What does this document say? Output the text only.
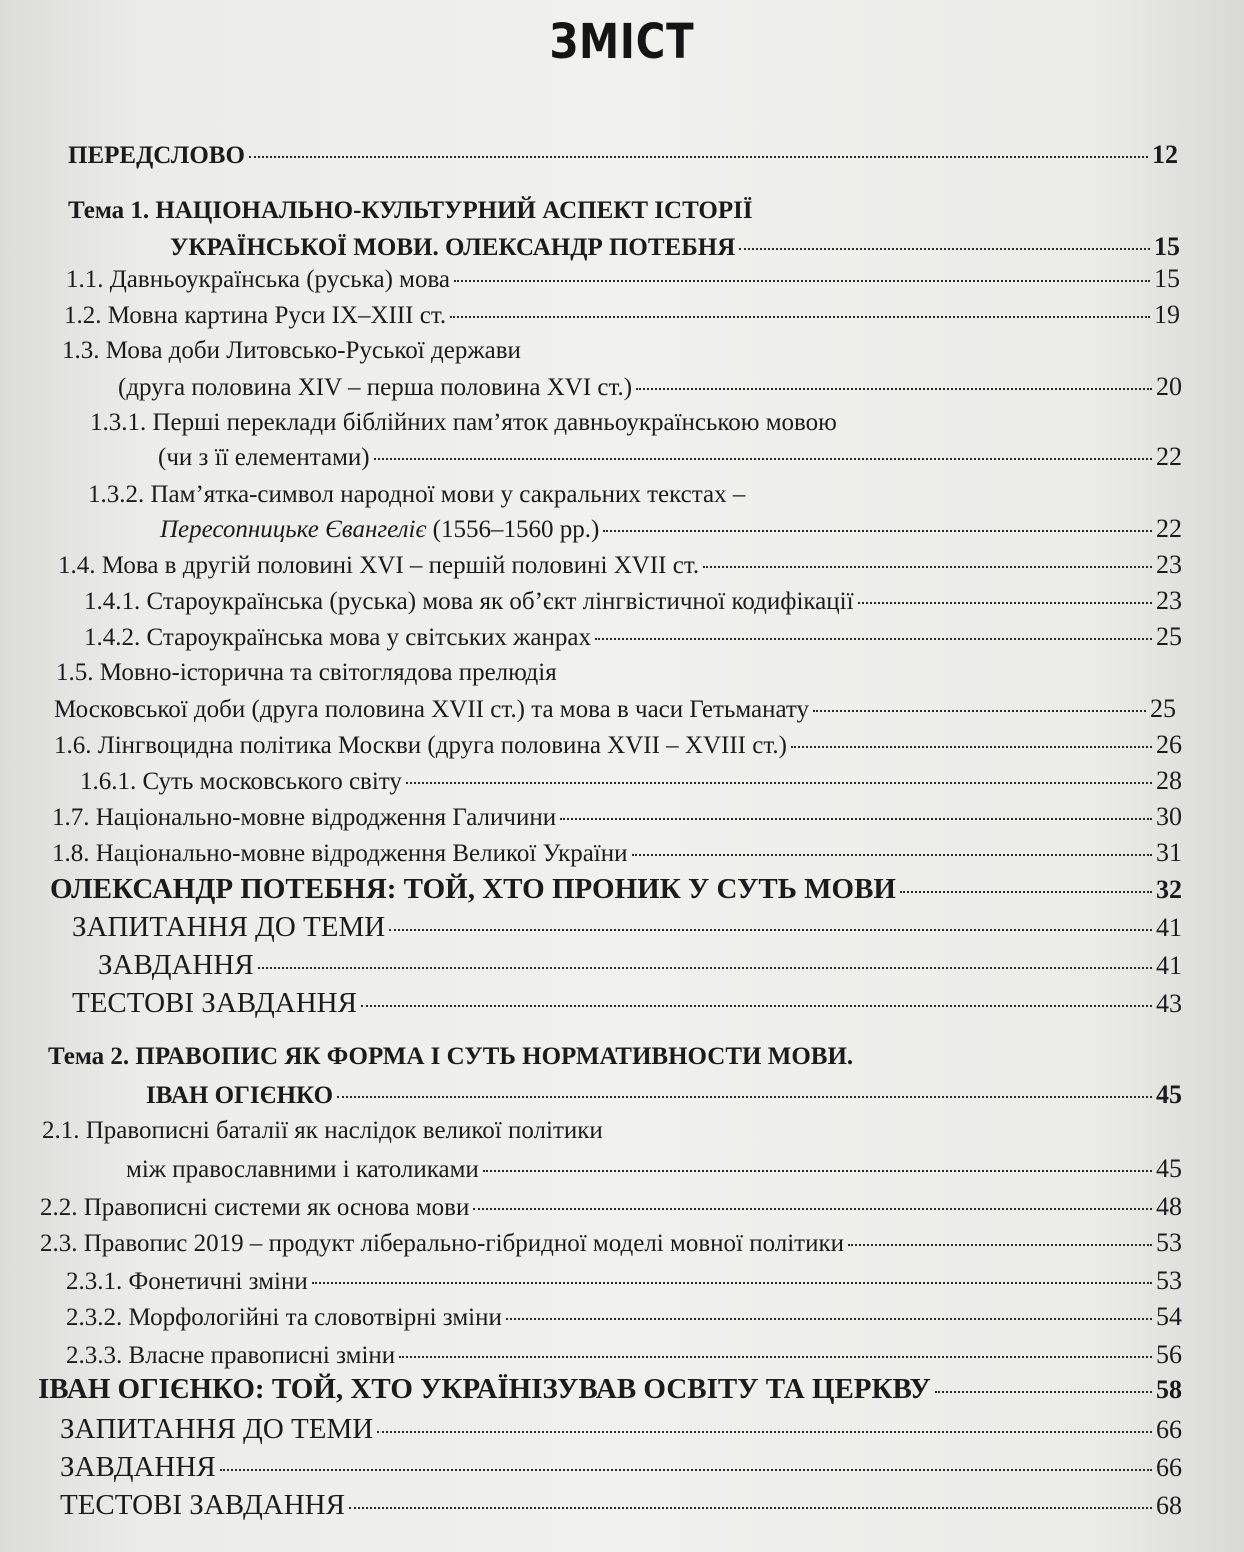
ЗМІСТ
ПЕРЕДСЛОВО	12
Тема 1. НАЦІОНАЛЬНО-КУЛЬТУРНИЙ АСПЕКТ ІСТОРІЇ
УКРАЇНСЬКОЇ МОВИ. ОЛЕКСАНДР ПОТЕБНЯ	15
1.1. Давньоукраїнська (руська) мова	15
1.2. Мовна картина Руси IX–XIII ст.	19
1.3. Мова доби Литовсько-Руської держави
(друга половина XIV – перша половина XVI ст.)	20
1.3.1. Перші переклади біблійних пам’яток давньоукраїнською мовою
(чи з її елементами)	22
1.3.2. Пам’ятка-символ народної мови у сакральних текстах –
Пересопницьке Євангеліє (1556–1560 рр.)	22
1.4. Мова в другій половині XVI – першій половині XVII ст.	23
1.4.1. Староукраїнська (руська) мова як об’єкт лінгвістичної кодифікації	23
1.4.2. Староукраїнська мова у світських жанрах	25
1.5. Мовно-історична та світоглядова прелюдія
Московської доби (друга половина XVII ст.) та мова в часи Гетьманату	25
1.6. Лінгвоцидна політика Москви (друга половина XVII – XVIII ст.)	26
1.6.1. Суть московського світу	28
1.7. Національно-мовне відродження Галичини	30
1.8. Національно-мовне відродження Великої України	31
ОЛЕКСАНДР ПОТЕБНЯ: ТОЙ, ХТО ПРОНИК У СУТЬ МОВИ	32
ЗАПИТАННЯ ДО ТЕМИ	41
ЗАВДАННЯ	41
ТЕСТОВІ ЗАВДАННЯ	43
Тема 2. ПРАВОПИС ЯК ФОРМА І СУТЬ НОРМАТИВНОСТИ МОВИ.
ІВАН ОГІЄНКО	45
2.1. Правописні баталії як наслідок великої політики
між православними і католиками	45
2.2. Правописні системи як основа мови	48
2.3. Правопис 2019 – продукт ліберально-гібридної моделі мовної політики	53
2.3.1. Фонетичні зміни	53
2.3.2. Морфологійні та словотвірні зміни	54
2.3.3. Власне правописні зміни	56
ІВАН ОГІЄНКО: ТОЙ, ХТО УКРАЇНІЗУВАВ ОСВІТУ ТА ЦЕРКВУ	58
ЗАПИТАННЯ ДО ТЕМИ	66
ЗАВДАННЯ	66
ТЕСТОВІ ЗАВДАННЯ	68
